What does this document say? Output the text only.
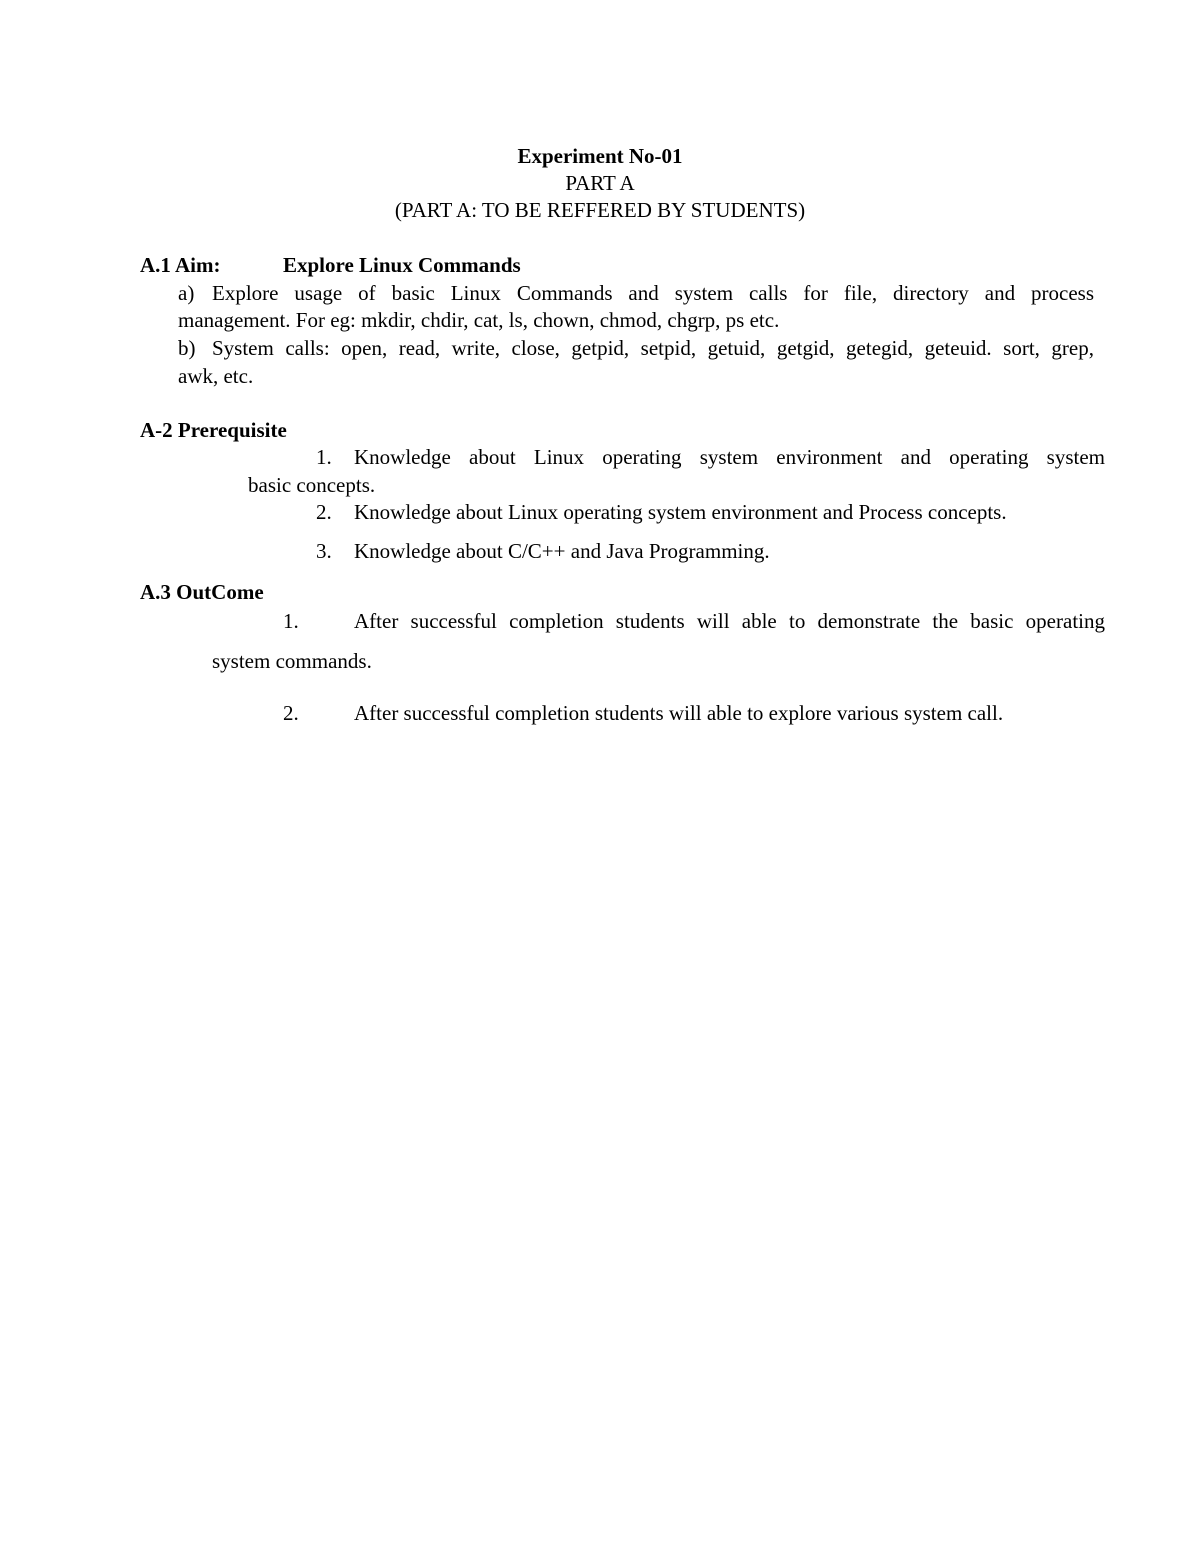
Experiment No-01
PART A
(PART A: TO BE REFFERED BY STUDENTS)
A.1 Aim:	Explore Linux Commands
a) Explore usage of basic Linux Commands and system calls for file, directory and process
management. For eg: mkdir, chdir, cat, ls, chown, chmod, chgrp, ps etc.
b) System calls: open, read, write, close, getpid, setpid, getuid, getgid, getegid, geteuid. sort, grep,
awk, etc.
A-2 Prerequisite
1. Knowledge about Linux operating system environment and operating system
basic concepts.
2. Knowledge about Linux operating system environment and Process concepts.
3. Knowledge about C/C++ and Java Programming.
A.3 OutCome
1.	After successful completion students will able to demonstrate the basic operating
system commands.
2.	After successful completion students will able to explore various system call.
